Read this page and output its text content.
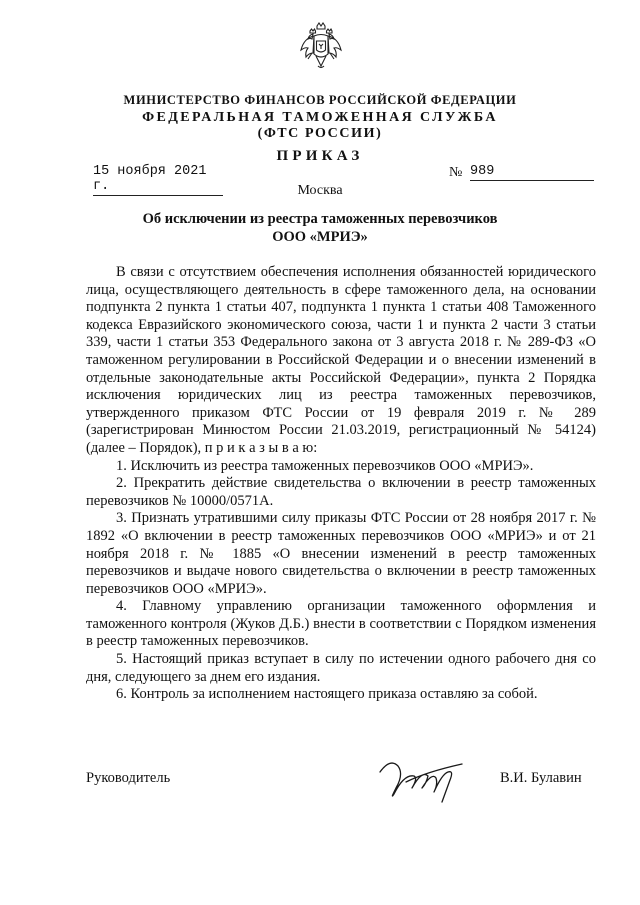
МИНИСТЕРСТВО ФИНАНСОВ РОССИЙСКОЙ ФЕДЕРАЦИИ
ФЕДЕРАЛЬНАЯ ТАМОЖЕННАЯ СЛУЖБА
(ФТС РОССИИ)
ПРИКАЗ
15 ноября 2021 г.
№ 989
Москва
Об исключении из реестра таможенных перевозчиков
ООО «МРИЭ»

В связи с отсутствием обеспечения исполнения обязанностей юридического лица, осуществляющего деятельность в сфере таможенного дела, на основании подпункта 2 пункта 1 статьи 407, подпункта 1 пункта 1 статьи 408 Таможенного кодекса Евразийского экономического союза, части 1 и пункта 2 части 3 статьи 339, части 1 статьи 353 Федерального закона от 3 августа 2018 г. № 289-ФЗ «О таможенном регулировании в Российской Федерации и о внесении изменений в отдельные законодательные акты Российской Федерации», пункта 2 Порядка исключения юридических лиц из реестра таможенных перевозчиков, утвержденного приказом ФТС России от 19 февраля 2019 г. № 289 (зарегистрирован Минюстом России 21.03.2019, регистрационный № 54124) (далее – Порядок), п р и к а з ы в а ю:

1. Исключить из реестра таможенных перевозчиков ООО «МРИЭ».

2. Прекратить действие свидетельства о включении в реестр таможенных перевозчиков № 10000/0571А.

3. Признать утратившими силу приказы ФТС России от 28 ноября 2017 г. № 1892 «О включении в реестр таможенных перевозчиков ООО «МРИЭ» и от 21 ноября 2018 г. № 1885 «О внесении изменений в реестр таможенных перевозчиков и выдаче нового свидетельства о включении в реестр таможенных перевозчиков ООО «МРИЭ».

4. Главному управлению организации таможенного оформления и таможенного контроля (Жуков Д.Б.) внести в соответствии с Порядком изменения в реестр таможенных перевозчиков.

5. Настоящий приказ вступает в силу по истечении одного рабочего дня со дня, следующего за днем его издания.

6. Контроль за исполнением настоящего приказа оставляю за собой.

Руководитель	В.И. Булавин
